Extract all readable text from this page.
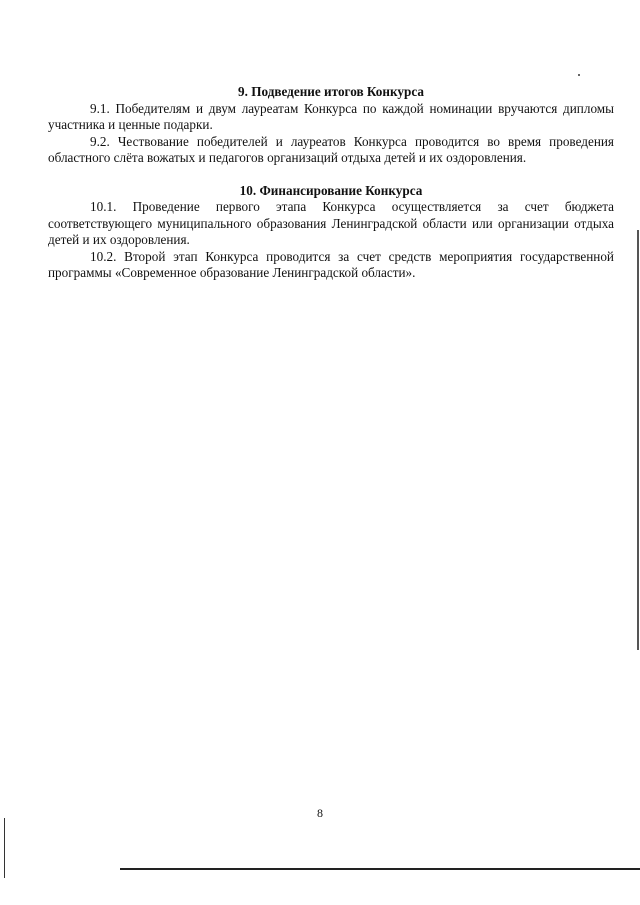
9. Подведение итогов Конкурса

9.1. Победителям и двум лауреатам Конкурса по каждой номинации вручаются дипломы участника и ценные подарки.

9.2. Чествование победителей и лауреатов Конкурса проводится во время проведения областного слёта вожатых и педагогов организаций отдыха детей и их оздоровления.

10. Финансирование Конкурса

10.1. Проведение первого этапа Конкурса осуществляется за счет бюджета соответствующего муниципального образования Ленинградской области или организации отдыха детей и их оздоровления.

10.2. Второй этап Конкурса проводится за счет средств мероприятия государственной программы «Современное образование Ленинградской области».

8
